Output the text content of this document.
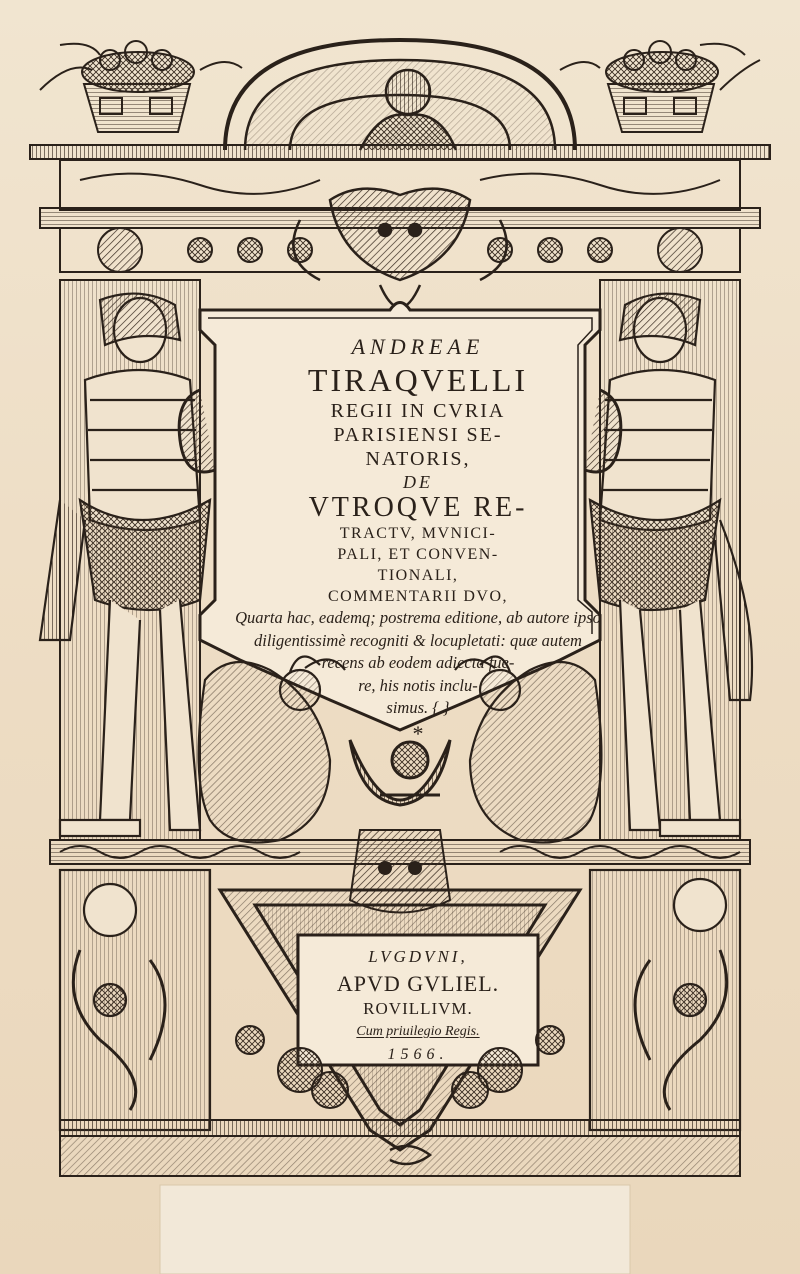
ANDREAE
TIRAQVELLI
REGII IN CVRIA
PARISIENSI SE-
NATORIS,
DE
VTROQVE RE-
TRACTV, MVNICI-
PALI, ET CONVEN-
TIONALI,
COMMENTARII DVO,
Quarta hac, eademq; postrema editione, ab autore ipso
diligentissimè recogniti & locupletati: quæ autem
recens ab eodem adiecta fue-
re, his notis inclu-
simus. { }
*
LVGDVNI,
APVD GVLIEL.
ROVILLIVM.
Cum priuilegio Regis.
1566.
